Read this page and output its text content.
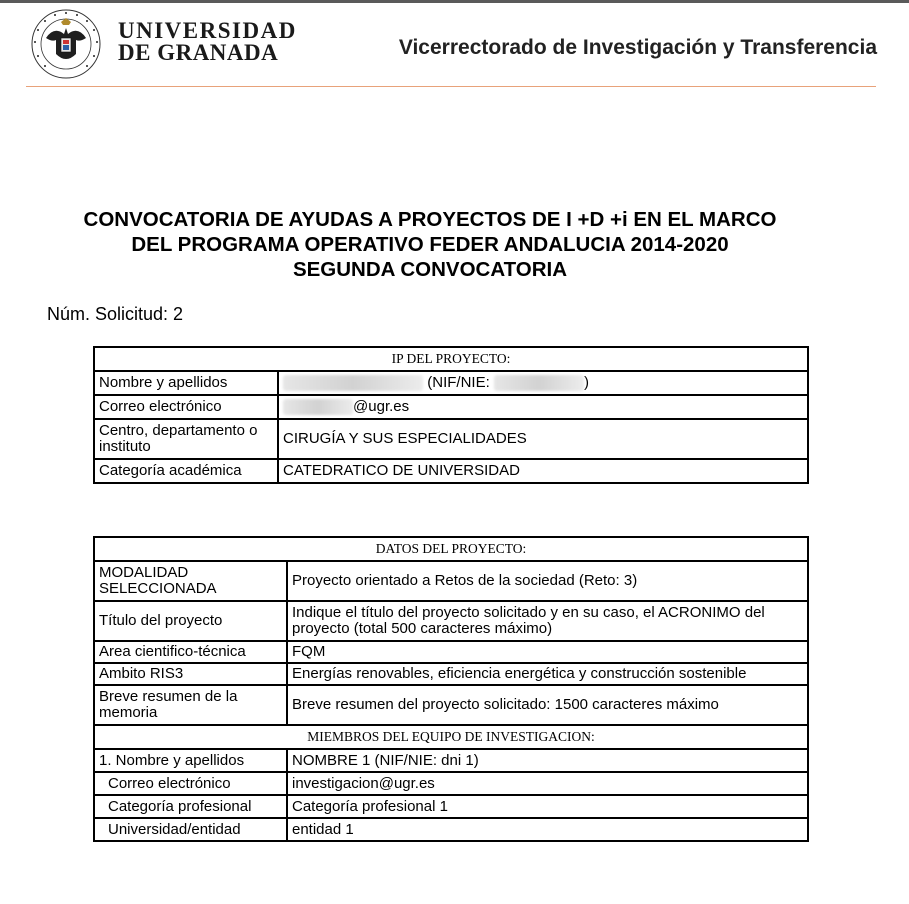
UNIVERSIDAD
DE GRANADA	Vicerrectorado de Investigación y Transferencia
CONVOCATORIA DE AYUDAS A PROYECTOS DE I +D +i EN EL MARCO
DEL PROGRAMA OPERATIVO FEDER ANDALUCIA 2014-2020
SEGUNDA CONVOCATORIA
Núm. Solicitud: 2
IP DEL PROYECTO:	
Nombre y apellidos	(NIF/NIE: )
Correo electrónico	@ugr.es
Centro, departamento o instituto	CIRUGÍA Y SUS ESPECIALIDADES
Categoría académica	CATEDRATICO DE UNIVERSIDAD
DATOS DEL PROYECTO:	
MODALIDAD SELECCIONADA	Proyecto orientado a Retos de la sociedad (Reto: 3)
Título del proyecto	Indique el título del proyecto solicitado y en su caso, el ACRONIMO del proyecto (total 500 caracteres máximo)
Area cientifico-técnica	FQM
Ambito RIS3	Energías renovables, eficiencia energética y construcción sostenible
Breve resumen de la memoria	Breve resumen del proyecto solicitado: 1500 caracteres máximo
MIEMBROS DEL EQUIPO DE INVESTIGACION:	
1. Nombre y apellidos	NOMBRE 1 (NIF/NIE: dni 1)
Correo electrónico	investigacion@ugr.es
Categoría profesional	Categoría profesional 1
Universidad/entidad	entidad 1
